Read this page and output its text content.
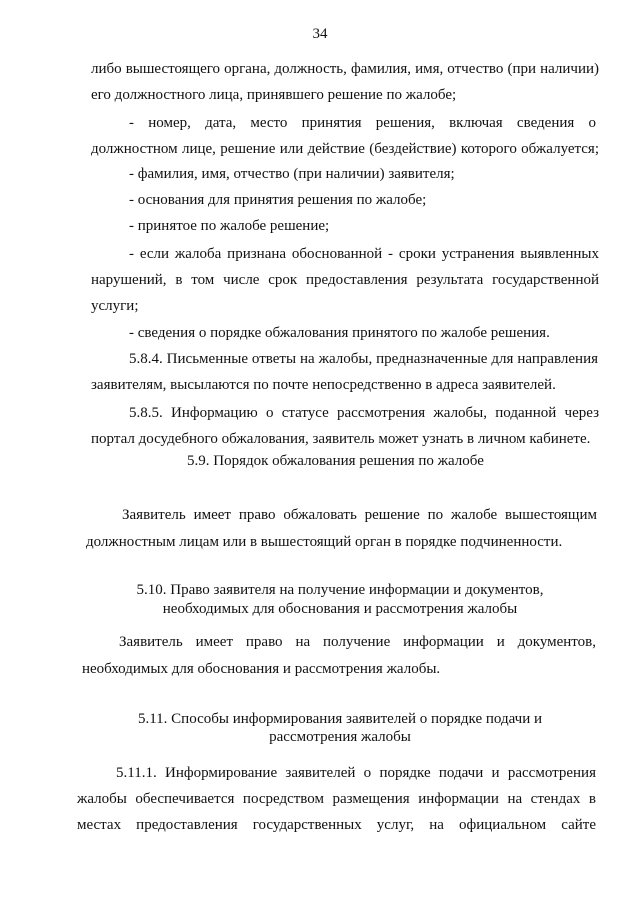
34

либо вышестоящего органа, должность, фамилия, имя, отчество (при наличии)

его должностного лица, принявшего решение по жалобе;

- номер, дата, место принятия решения, включая сведения о

должностном лице, решение или действие (бездействие) которого обжалуется;

- фамилия, имя, отчество (при наличии) заявителя;

- основания для принятия решения по жалобе;

- принятое по жалобе решение;

- если жалоба признана обоснованной - сроки устранения выявленных

нарушений, в том числе срок предоставления результата государственной

услуги;

- сведения о порядке обжалования принятого по жалобе решения.

5.8.4. Письменные ответы на жалобы, предназначенные для направления

заявителям, высылаются по почте непосредственно в адреса заявителей.

5.8.5. Информацию о статусе рассмотрения жалобы, поданной через

портал досудебного обжалования, заявитель может узнать в личном кабинете.

5.9. Порядок обжалования решения по жалобе

Заявитель имеет право обжаловать решение по жалобе вышестоящим

должностным лицам или в вышестоящий орган в порядке подчиненности.

5.10. Право заявителя на получение информации и документов,

необходимых для обоснования и рассмотрения жалобы

Заявитель имеет право на получение информации и документов,

необходимых для обоснования и рассмотрения жалобы.

5.11. Способы информирования заявителей о порядке подачи и

рассмотрения жалобы

5.11.1. Информирование заявителей о порядке подачи и рассмотрения

жалобы обеспечивается посредством размещения информации на стендах в

местах предоставления государственных услуг, на официальном сайте
